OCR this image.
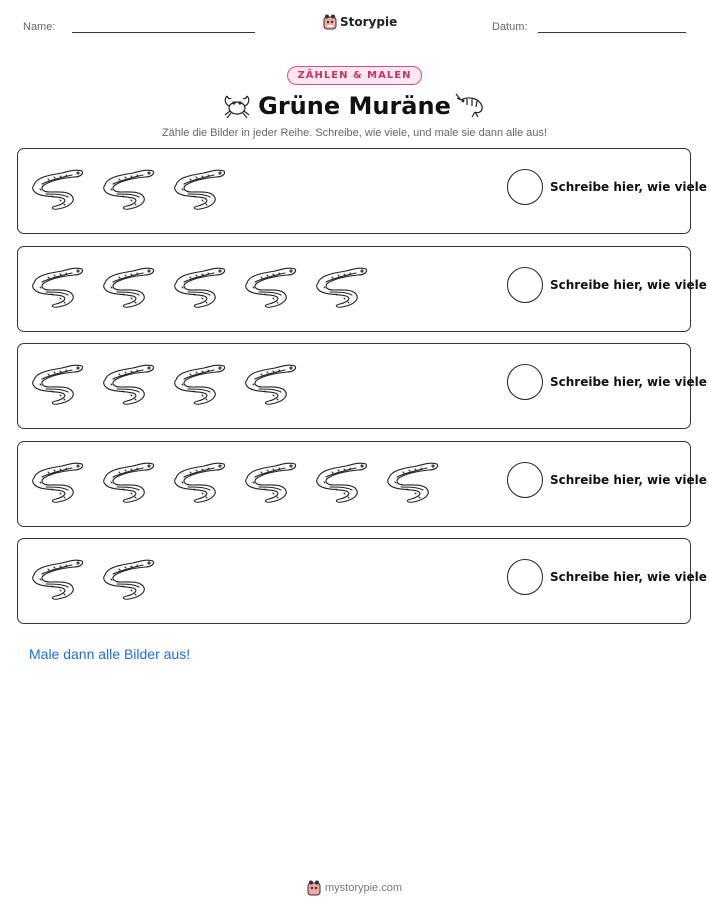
Name:	Storypie	Datum:
ZÄHLEN & MALEN
Grüne Muräne
Zähle die Bilder in jeder Reihe. Schreibe, wie viele, und male sie dann alle aus!
Schreibe hier, wie viele
Schreibe hier, wie viele
Schreibe hier, wie viele
Schreibe hier, wie viele
Schreibe hier, wie viele
Male dann alle Bilder aus!
mystorypie.com
